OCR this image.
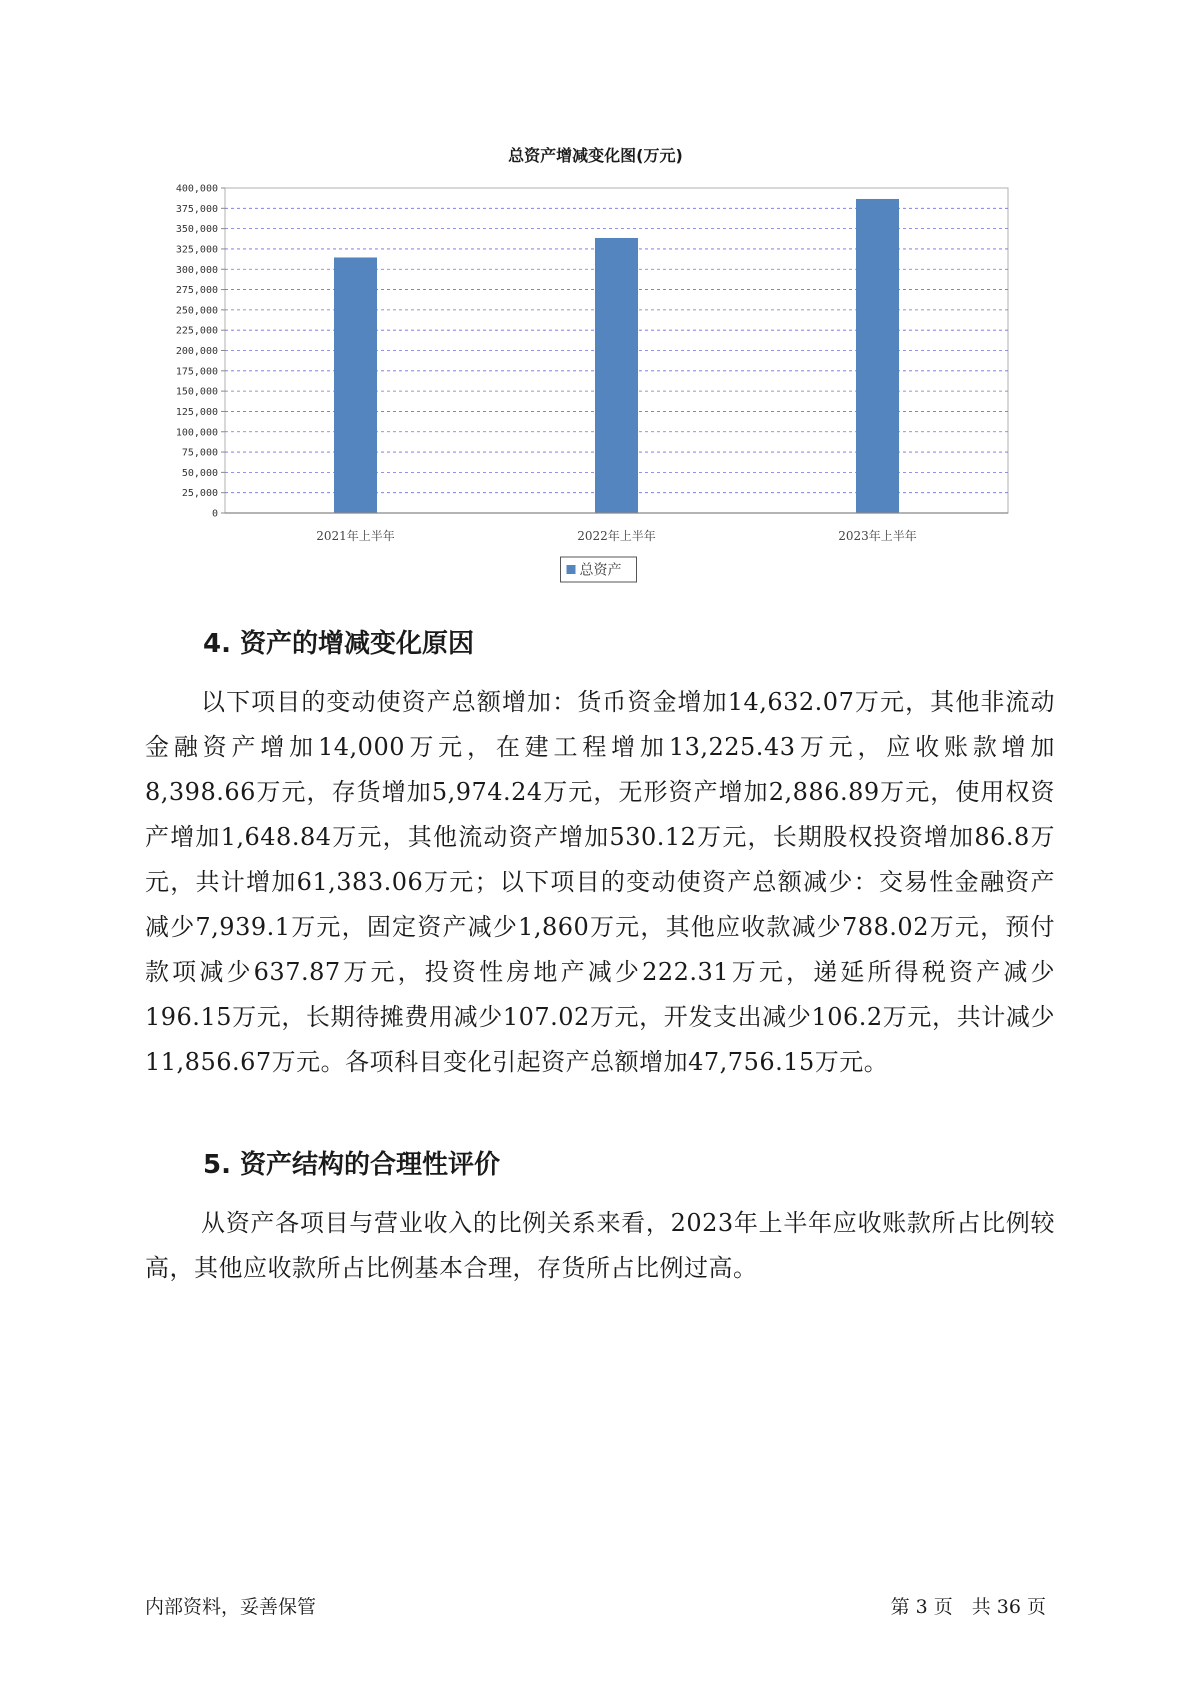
总资产增减变化图(万元)
0
25,000
50,000
75,000
100,000
125,000
150,000
175,000
200,000
225,000
250,000
275,000
300,000
325,000
350,000
375,000
400,000
2021年上半年	2022年上半年	2023年上半年
总资产
4. 资产的增减变化原因

以下项目的变动使资产总额增加：货币资金增加14,632.07万元，其他非流动金融资产增加14,000万元，在建工程增加13,225.43万元，应收账款增加8,398.66万元，存货增加5,974.24万元，无形资产增加2,886.89万元，使用权资产增加1,648.84万元，其他流动资产增加530.12万元，长期股权投资增加86.8万元，共计增加61,383.06万元；以下项目的变动使资产总额减少：交易性金融资产减少7,939.1万元，固定资产减少1,860万元，其他应收款减少788.02万元，预付款项减少637.87万元，投资性房地产减少222.31万元，递延所得税资产减少196.15万元，长期待摊费用减少107.02万元，开发支出减少106.2万元，共计减少11,856.67万元。各项科目变化引起资产总额增加47,756.15万元。

5. 资产结构的合理性评价

从资产各项目与营业收入的比例关系来看，2023年上半年应收账款所占比例较高，其他应收款所占比例基本合理，存货所占比例过高。

内部资料，妥善保管	第 3 页　共 36 页
